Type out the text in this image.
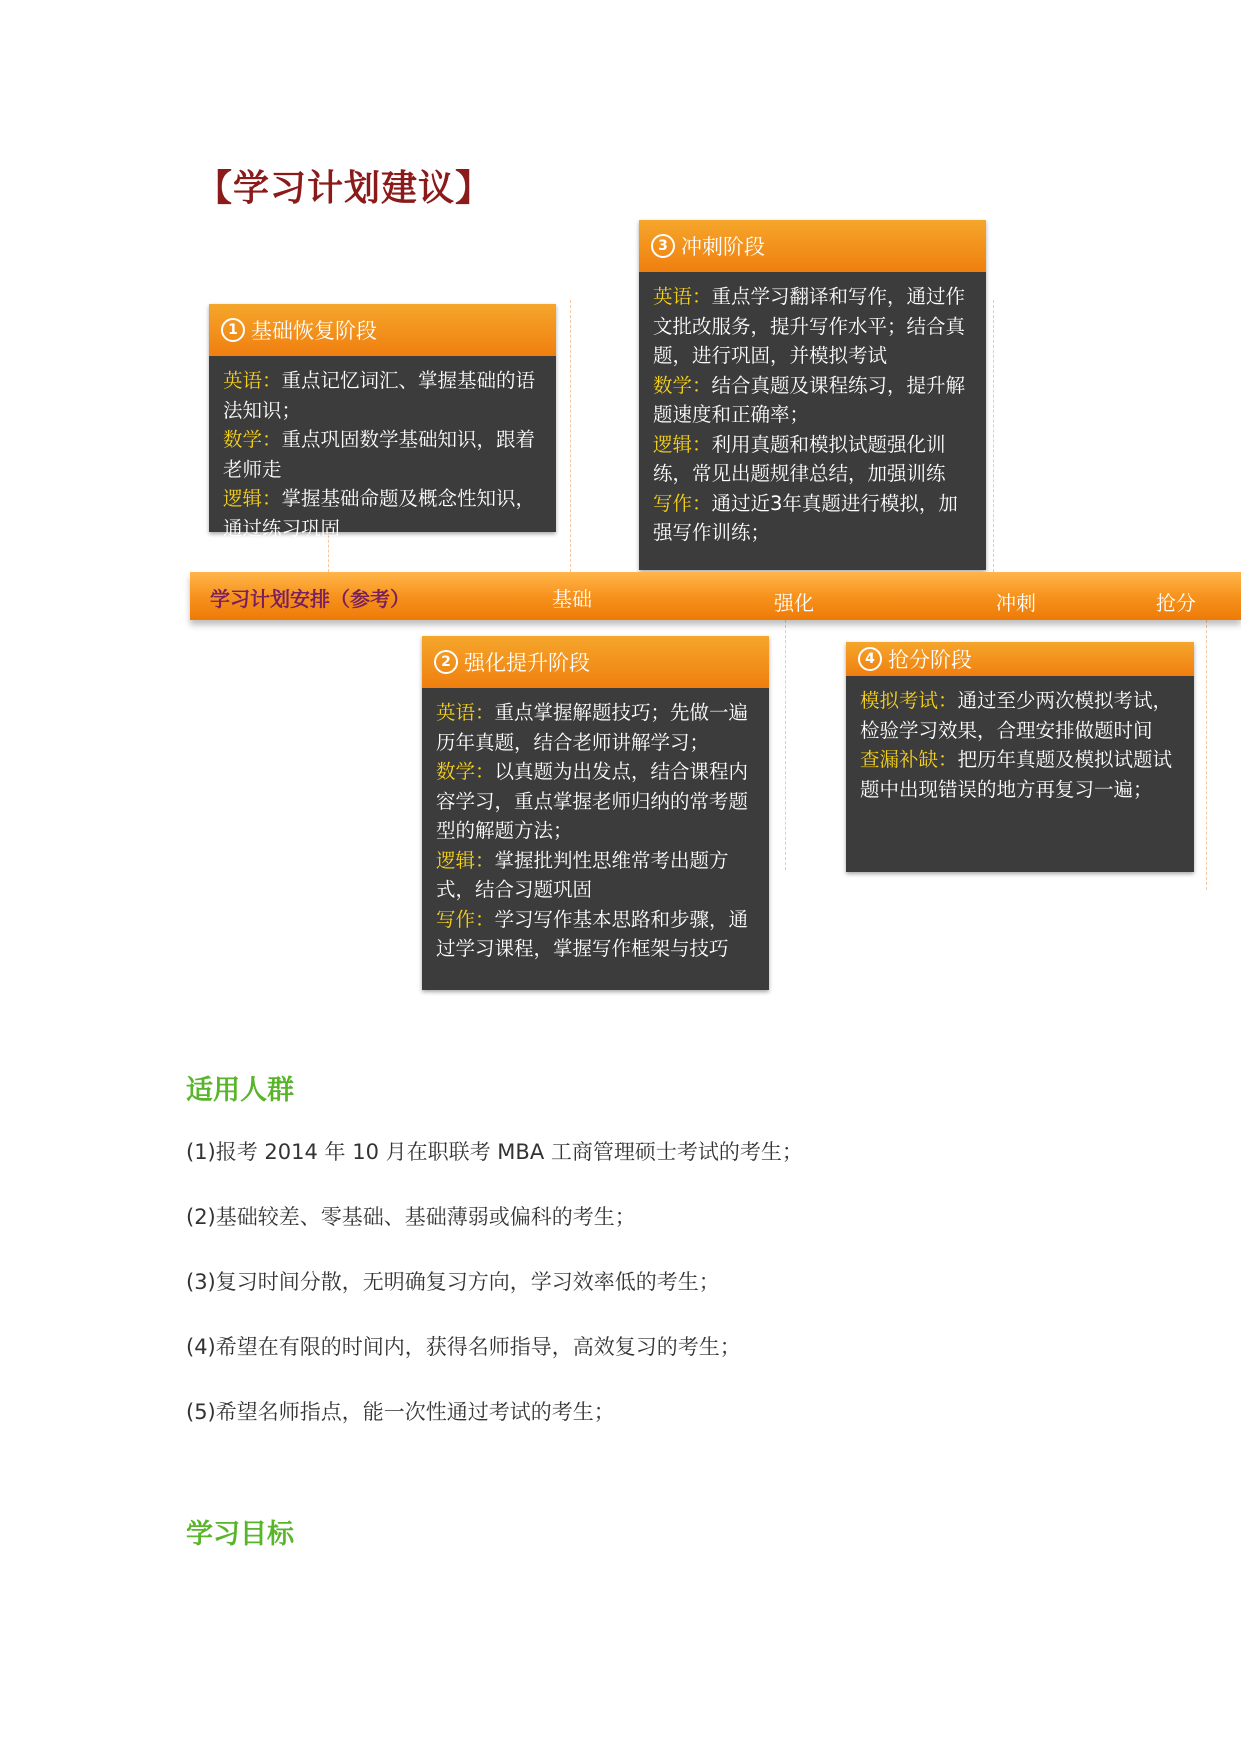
【学习计划建议】
1 基础恢复阶段
英语：重点记忆词汇、掌握基础的语法知识；
数学：重点巩固数学基础知识，跟着老师走
逻辑：掌握基础命题及概念性知识，通过练习巩固
3 冲刺阶段
英语：重点学习翻译和写作，通过作文批改服务，提升写作水平；结合真题，进行巩固，并模拟考试
数学：结合真题及课程练习，提升解题速度和正确率；
逻辑：利用真题和模拟试题强化训练，常见出题规律总结，加强训练
写作：通过近3年真题进行模拟，加强写作训练；
学习计划安排（参考）	基础	强化	冲刺	抢分
2 强化提升阶段
英语：重点掌握解题技巧；先做一遍历年真题，结合老师讲解学习；
数学：以真题为出发点，结合课程内容学习，重点掌握老师归纳的常考题型的解题方法；
逻辑：掌握批判性思维常考出题方式，结合习题巩固
写作：学习写作基本思路和步骤，通过学习课程，掌握写作框架与技巧
4 抢分阶段
模拟考试：通过至少两次模拟考试，检验学习效果，合理安排做题时间
查漏补缺：把历年真题及模拟试题试题中出现错误的地方再复习一遍；
适用人群

(1)报考 2014 年 10 月在职联考 MBA 工商管理硕士考试的考生；

(2)基础较差、零基础、基础薄弱或偏科的考生；

(3)复习时间分散，无明确复习方向，学习效率低的考生；

(4)希望在有限的时间内，获得名师指导，高效复习的考生；

(5)希望名师指点，能一次性通过考试的考生；

学习目标
